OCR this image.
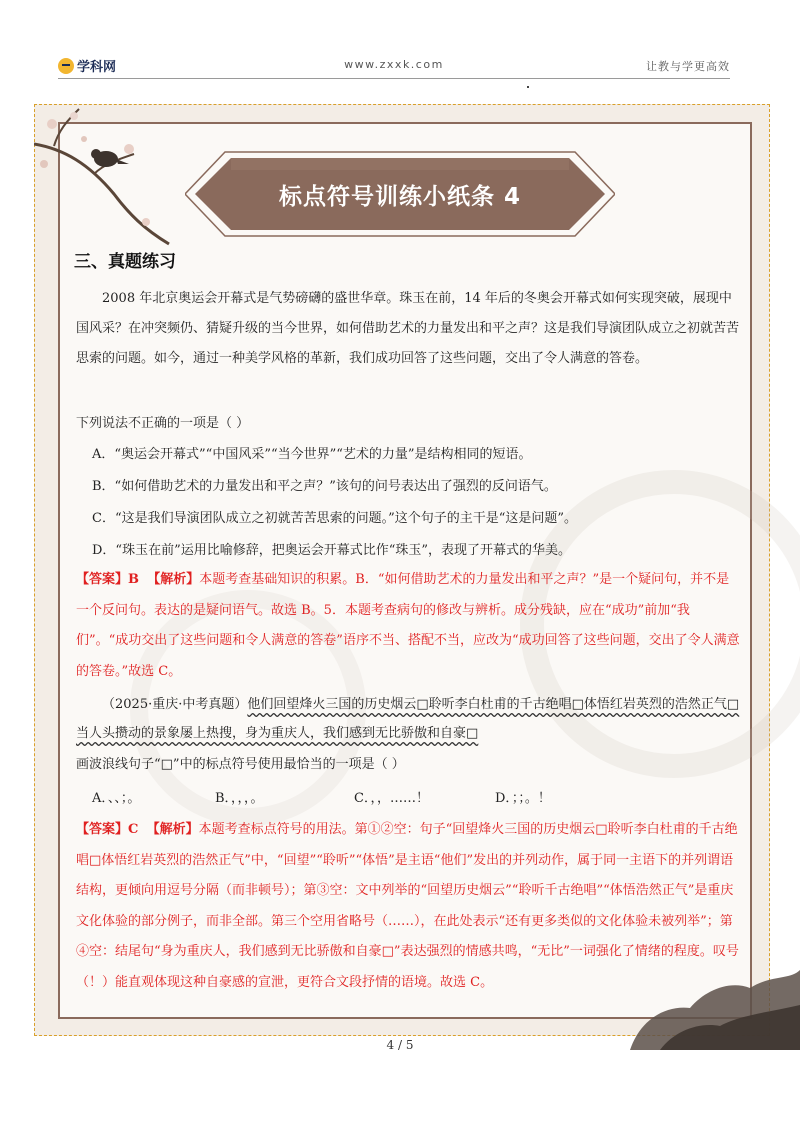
学科网	www.zxxk.com	让教与学更高效
标点符号训练小纸条 4
三、真题练习

2008 年北京奥运会开幕式是气势磅礴的盛世华章。珠玉在前，14 年后的冬奥会开幕式如何实现突破，展现中国风采？在冲突频仍、猜疑升级的当今世界，如何借助艺术的力量发出和平之声？这是我们导演团队成立之初就苦苦思索的问题。如今，通过一种美学风格的革新，我们成功回答了这些问题，交出了令人满意的答卷。

下列说法不正确的一项是（ ）

A．“奥运会开幕式”“中国风采”“当今世界”“艺术的力量”是结构相同的短语。

B．“如何借助艺术的力量发出和平之声？”该句的问号表达出了强烈的反问语气。

C．“这是我们导演团队成立之初就苦苦思索的问题。”这个句子的主干是“这是问题”。

D．“珠玉在前”运用比喻修辞，把奥运会开幕式比作“珠玉”，表现了开幕式的华美。

【答案】B 【解析】本题考查基础知识的积累。B．“如何借助艺术的力量发出和平之声？”是一个疑问句，并不是一个反问句。表达的是疑问语气。故选 B。5．本题考查病句的修改与辨析。成分残缺，应在“成功”前加“我们”。“成功交出了这些问题和令人满意的答卷”语序不当、搭配不当，应改为“成功回答了这些问题，交出了令人满意的答卷。”故选 C。

（2025·重庆·中考真题）他们回望烽火三国的历史烟云□聆听李白杜甫的千古绝唱□体悟红岩英烈的浩然正气□当人头攒动的景象屡上热搜，身为重庆人，我们感到无比骄傲和自豪□

画波浪线句子“□”中的标点符号使用最恰当的一项是（ ）

A．、、；。	B．，，，。	C．，，……！	D．；；。！

【答案】C 【解析】本题考查标点符号的用法。第①②空：句子“回望烽火三国的历史烟云□聆听李白杜甫的千古绝唱□体悟红岩英烈的浩然正气”中，“回望”“聆听”“体悟”是主语“他们”发出的并列动作，属于同一主语下的并列谓语结构，更倾向用逗号分隔（而非顿号）；第③空：文中列举的“回望历史烟云”“聆听千古绝唱”“体悟浩然正气”是重庆文化体验的部分例子，而非全部。第三个空用省略号（……），在此处表示“还有更多类似的文化体验未被列举”；第④空：结尾句“身为重庆人，我们感到无比骄傲和自豪□”表达强烈的情感共鸣，“无比”一词强化了情绪的程度。叹号（！）能直观体现这种自豪感的宣泄，更符合文段抒情的语境。故选 C。

4 / 5
